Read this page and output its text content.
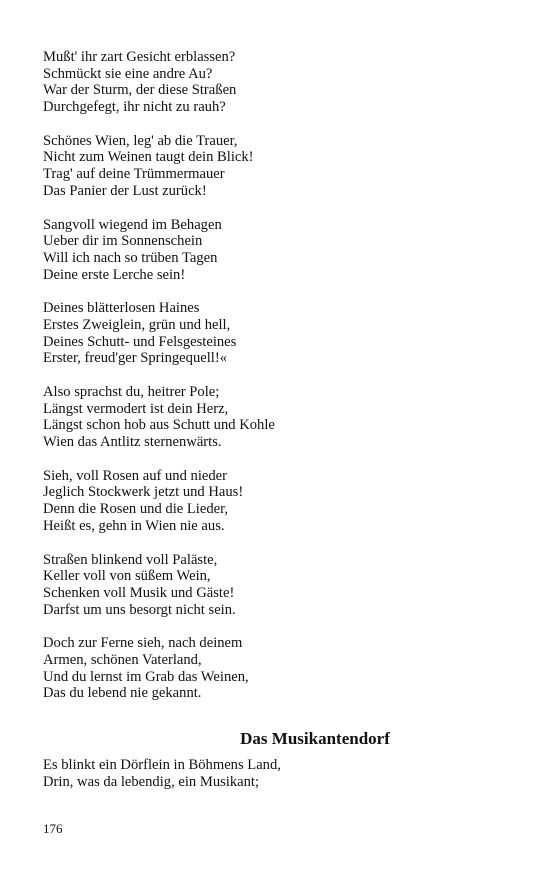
Mußt' ihr zart Gesicht erblassen?
Schmückt sie eine andre Au?
War der Sturm, der diese Straßen
Durchgefegt, ihr nicht zu rauh?
Schönes Wien, leg' ab die Trauer,
Nicht zum Weinen taugt dein Blick!
Trag' auf deine Trümmermauer
Das Panier der Lust zurück!
Sangvoll wiegend im Behagen
Ueber dir im Sonnenschein
Will ich nach so trüben Tagen
Deine erste Lerche sein!
Deines blätterlosen Haines
Erstes Zweiglein, grün und hell,
Deines Schutt- und Felsgesteines
Erster, freud'ger Springequell!«
Also sprachst du, heitrer Pole;
Längst vermodert ist dein Herz,
Längst schon hob aus Schutt und Kohle
Wien das Antlitz sternenwärts.
Sieh, voll Rosen auf und nieder
Jeglich Stockwerk jetzt und Haus!
Denn die Rosen und die Lieder,
Heißt es, gehn in Wien nie aus.
Straßen blinkend voll Paläste,
Keller voll von süßem Wein,
Schenken voll Musik und Gäste!
Darfst um uns besorgt nicht sein.
Doch zur Ferne sieh, nach deinem
Armen, schönen Vaterland,
Und du lernst im Grab das Weinen,
Das du lebend nie gekannt.
Das Musikantendorf
Es blinkt ein Dörflein in Böhmens Land,
Drin, was da lebendig, ein Musikant;
176
